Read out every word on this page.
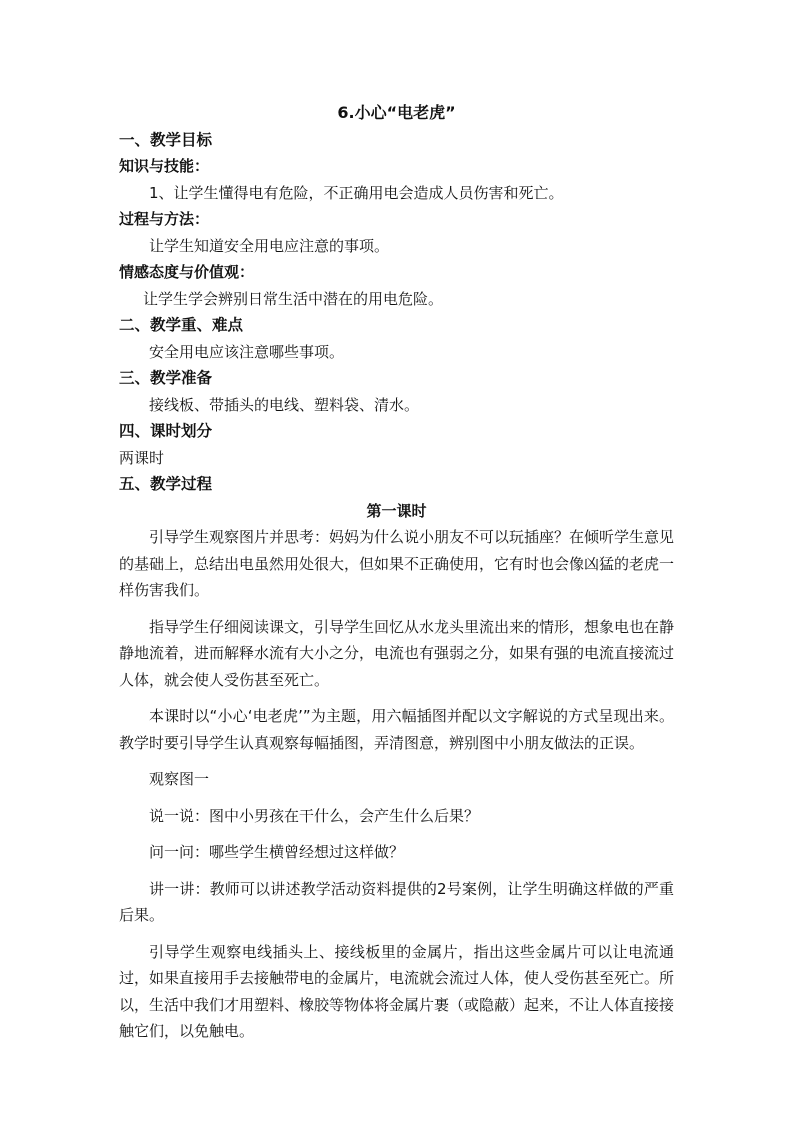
6.小心“电老虎”

一、教学目标

知识与技能：

1、让学生懂得电有危险，不正确用电会造成人员伤害和死亡。

过程与方法：

让学生知道安全用电应注意的事项。

情感态度与价值观：

让学生学会辨别日常生活中潜在的用电危险。

二、教学重、难点

安全用电应该注意哪些事项。

三、教学准备

接线板、带插头的电线、塑料袋、清水。

四、课时划分

两课时

五、教学过程

第一课时

引导学生观察图片并思考：妈妈为什么说小朋友不可以玩插座？在倾听学生意见的基础上，总结出电虽然用处很大，但如果不正确使用，它有时也会像凶猛的老虎一样伤害我们。

指导学生仔细阅读课文，引导学生回忆从水龙头里流出来的情形，想象电也在静静地流着，进而解释水流有大小之分，电流也有强弱之分，如果有强的电流直接流过人体，就会使人受伤甚至死亡。

本课时以“小心‘电老虎’”为主题，用六幅插图并配以文字解说的方式呈现出来。教学时要引导学生认真观察每幅插图，弄清图意，辨别图中小朋友做法的正误。

观察图一

说一说：图中小男孩在干什么，会产生什么后果？

问一问：哪些学生横曾经想过这样做？

讲一讲：教师可以讲述教学活动资料提供的2号案例，让学生明确这样做的严重后果。

引导学生观察电线插头上、接线板里的金属片，指出这些金属片可以让电流通过，如果直接用手去接触带电的金属片，电流就会流过人体，使人受伤甚至死亡。所以，生活中我们才用塑料、橡胶等物体将金属片裹（或隐蔽）起来，不让人体直接接触它们，以免触电。
